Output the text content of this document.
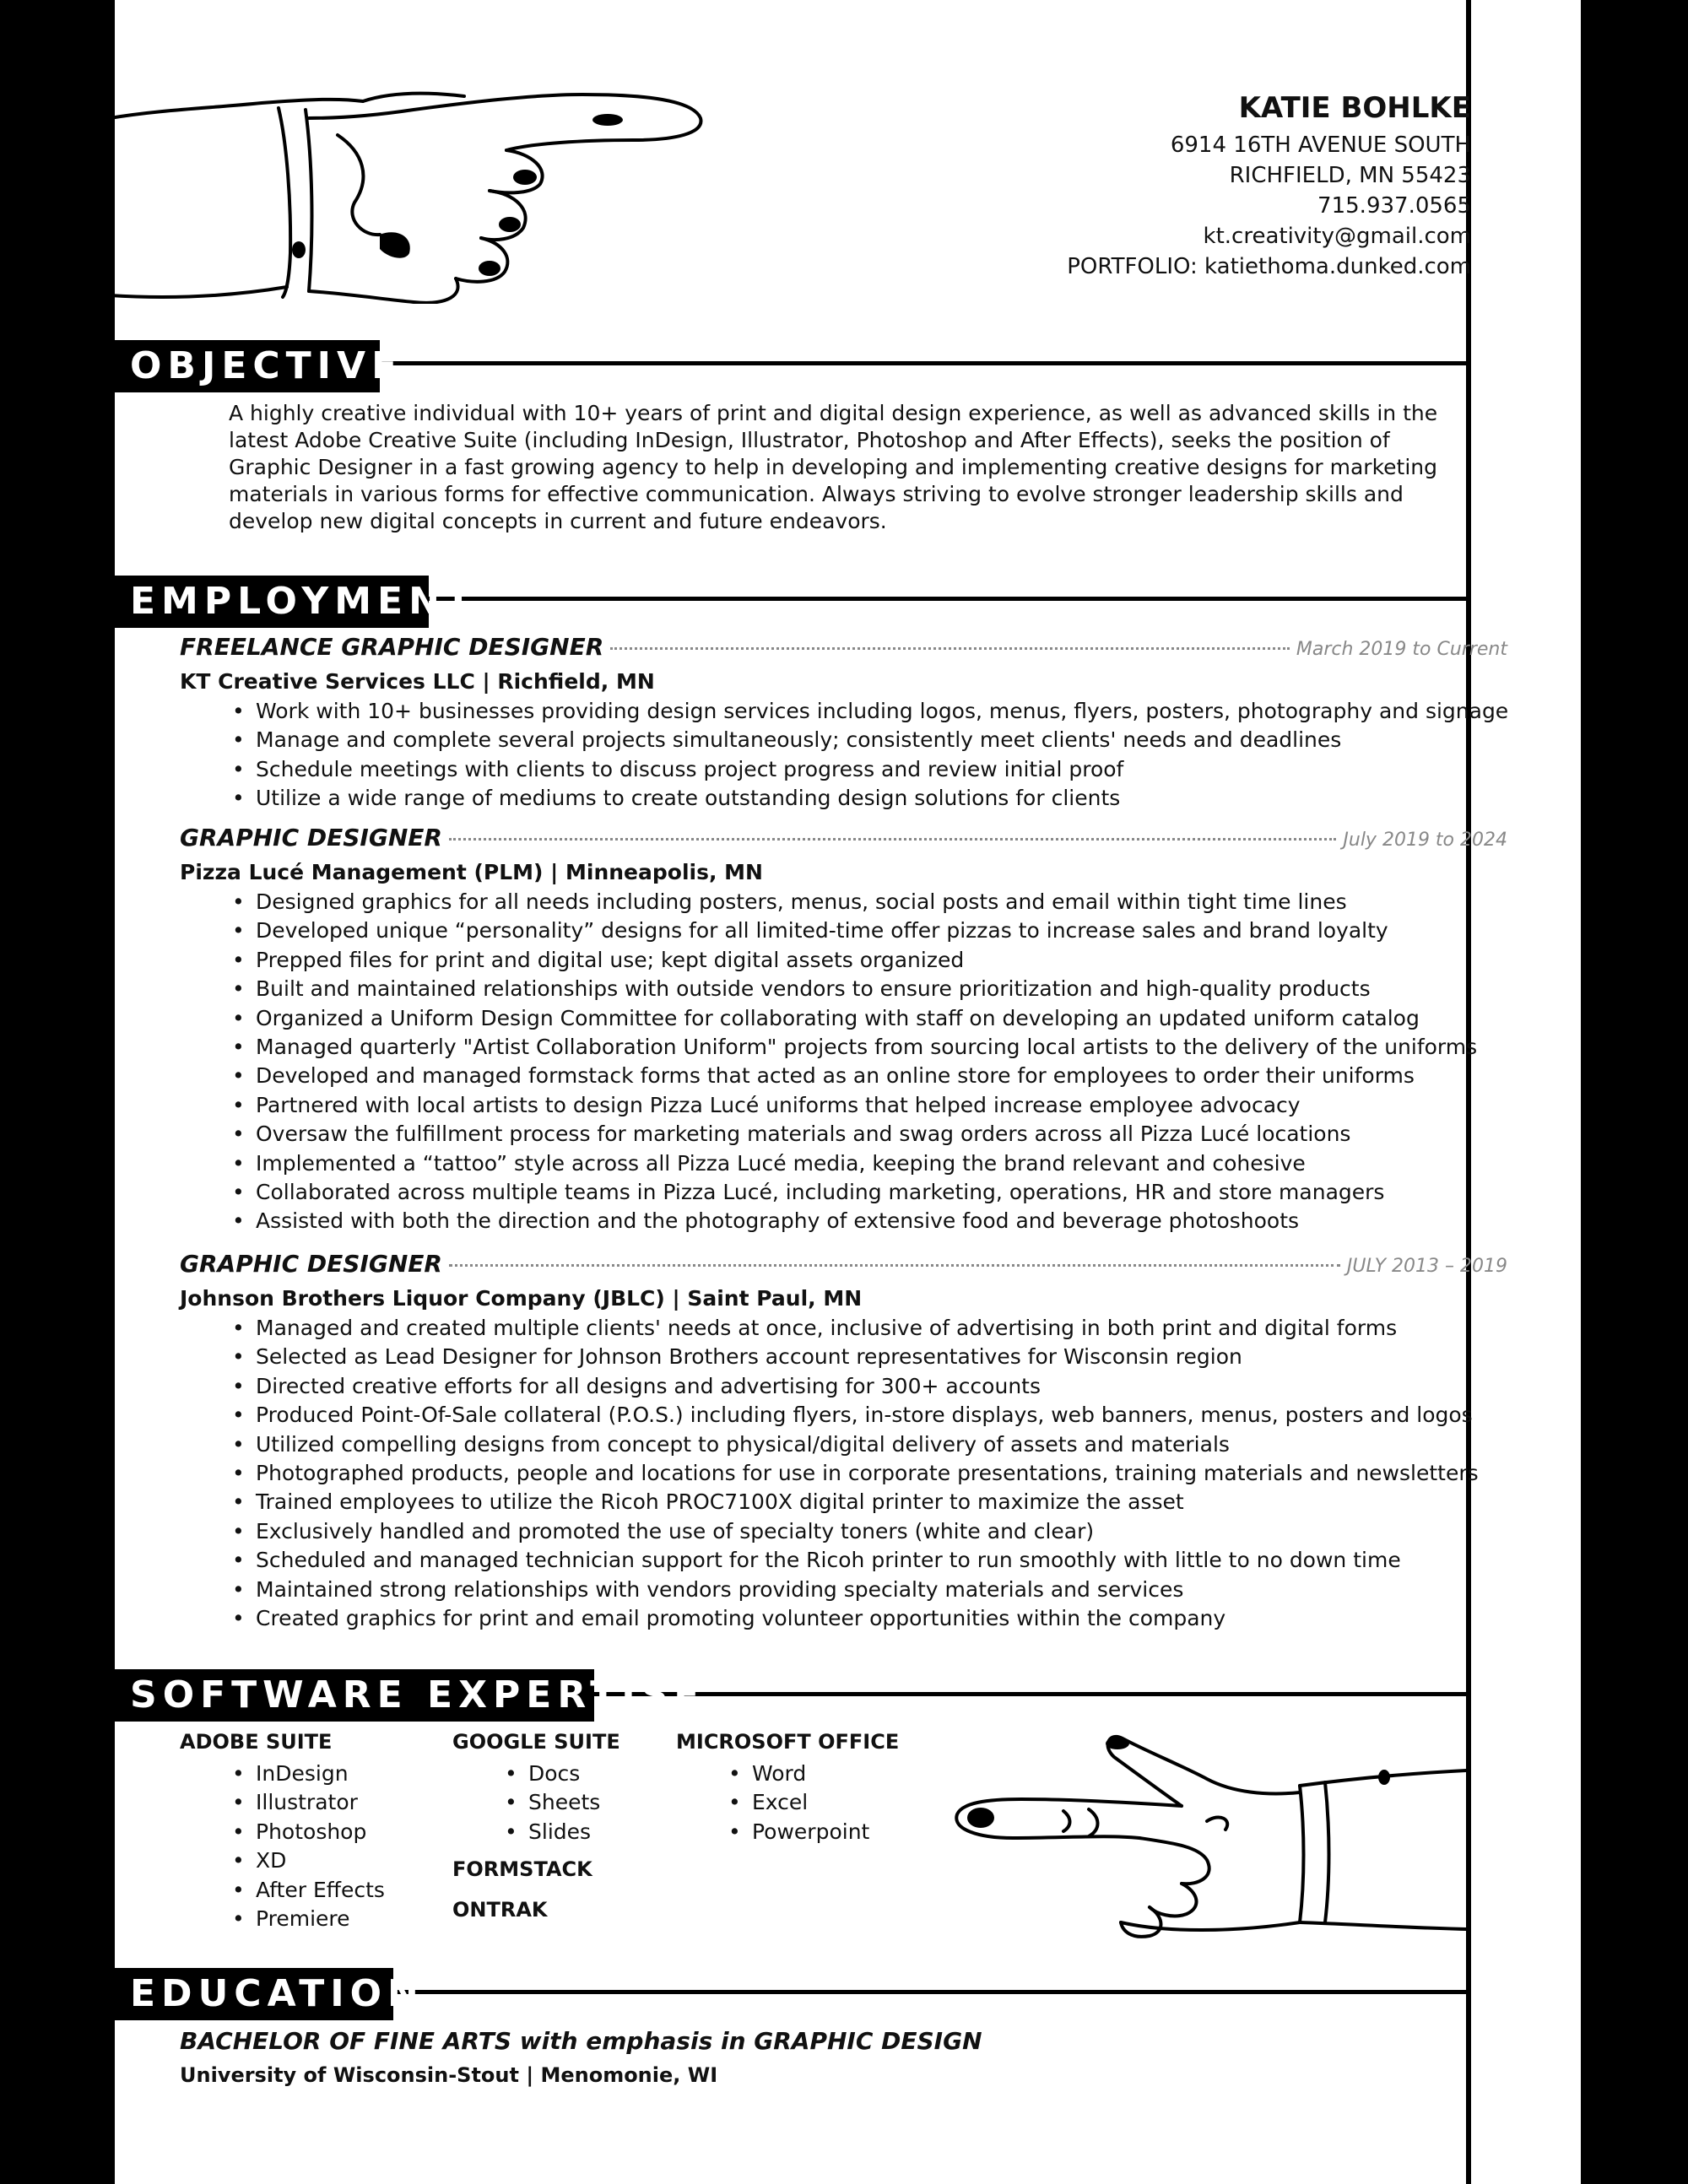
KATIE BOHLKE
6914 16TH AVENUE SOUTH
RICHFIELD, MN 55423
715.937.0565
kt.creativity@gmail.com
PORTFOLIO: katiethoma.dunked.com
OBJECTIVE
A highly creative individual with 10+ years of print and digital design experience, as well as advanced skills in the latest Adobe Creative Suite (including InDesign, Illustrator, Photoshop and After Effects), seeks the position of Graphic Designer in a fast growing agency to help in developing and implementing creative designs for marketing materials in various forms for effective communication. Always striving to evolve stronger leadership skills and develop new digital concepts in current and future endeavors.
EMPLOYMENT
FREELANCE GRAPHIC DESIGNER	March 2019 to Current
KT Creative Services LLC | Richfield, MN
• Work with 10+ businesses providing design services including logos, menus, flyers, posters, photography and signage
• Manage and complete several projects simultaneously; consistently meet clients' needs and deadlines
• Schedule meetings with clients to discuss project progress and review initial proof
• Utilize a wide range of mediums to create outstanding design solutions for clients
GRAPHIC DESIGNER	July 2019 to 2024
Pizza Lucé Management (PLM) | Minneapolis, MN
• Designed graphics for all needs including posters, menus, social posts and email within tight time lines
• Developed unique “personality” designs for all limited-time offer pizzas to increase sales and brand loyalty
• Prepped files for print and digital use; kept digital assets organized
• Built and maintained relationships with outside vendors to ensure prioritization and high-quality products
• Organized a Uniform Design Committee for collaborating with staff on developing an updated uniform catalog
• Managed quarterly "Artist Collaboration Uniform" projects from sourcing local artists to the delivery of the uniforms
• Developed and managed formstack forms that acted as an online store for employees to order their uniforms
• Partnered with local artists to design Pizza Lucé uniforms that helped increase employee advocacy
• Oversaw the fulfillment process for marketing materials and swag orders across all Pizza Lucé locations
• Implemented a “tattoo” style across all Pizza Lucé media, keeping the brand relevant and cohesive
• Collaborated across multiple teams in Pizza Lucé, including marketing, operations, HR and store managers
• Assisted with both the direction and the photography of extensive food and beverage photoshoots
GRAPHIC DESIGNER	JULY 2013 – 2019
Johnson Brothers Liquor Company (JBLC) | Saint Paul, MN
• Managed and created multiple clients' needs at once, inclusive of advertising in both print and digital forms
• Selected as Lead Designer for Johnson Brothers account representatives for Wisconsin region
• Directed creative efforts for all designs and advertising for 300+ accounts
• Produced Point-Of-Sale collateral (P.O.S.) including flyers, in-store displays, web banners, menus, posters and logos
• Utilized compelling designs from concept to physical/digital delivery of assets and materials
• Photographed products, people and locations for use in corporate presentations, training materials and newsletters
• Trained employees to utilize the Ricoh PROC7100X digital printer to maximize the asset
• Exclusively handled and promoted the use of specialty toners (white and clear)
• Scheduled and managed technician support for the Ricoh printer to run smoothly with little to no down time
• Maintained strong relationships with vendors providing specialty materials and services
• Created graphics for print and email promoting volunteer opportunities within the company
SOFTWARE EXPERTISE
ADOBE SUITE
• InDesign
• Illustrator
• Photoshop
• XD
• After Effects
• Premiere
GOOGLE SUITE
• Docs
• Sheets
• Slides
FORMSTACK
ONTRAK
MICROSOFT OFFICE
• Word
• Excel
• Powerpoint
EDUCATION
BACHELOR OF FINE ARTS with emphasis in GRAPHIC DESIGN
University of Wisconsin-Stout | Menomonie, WI
